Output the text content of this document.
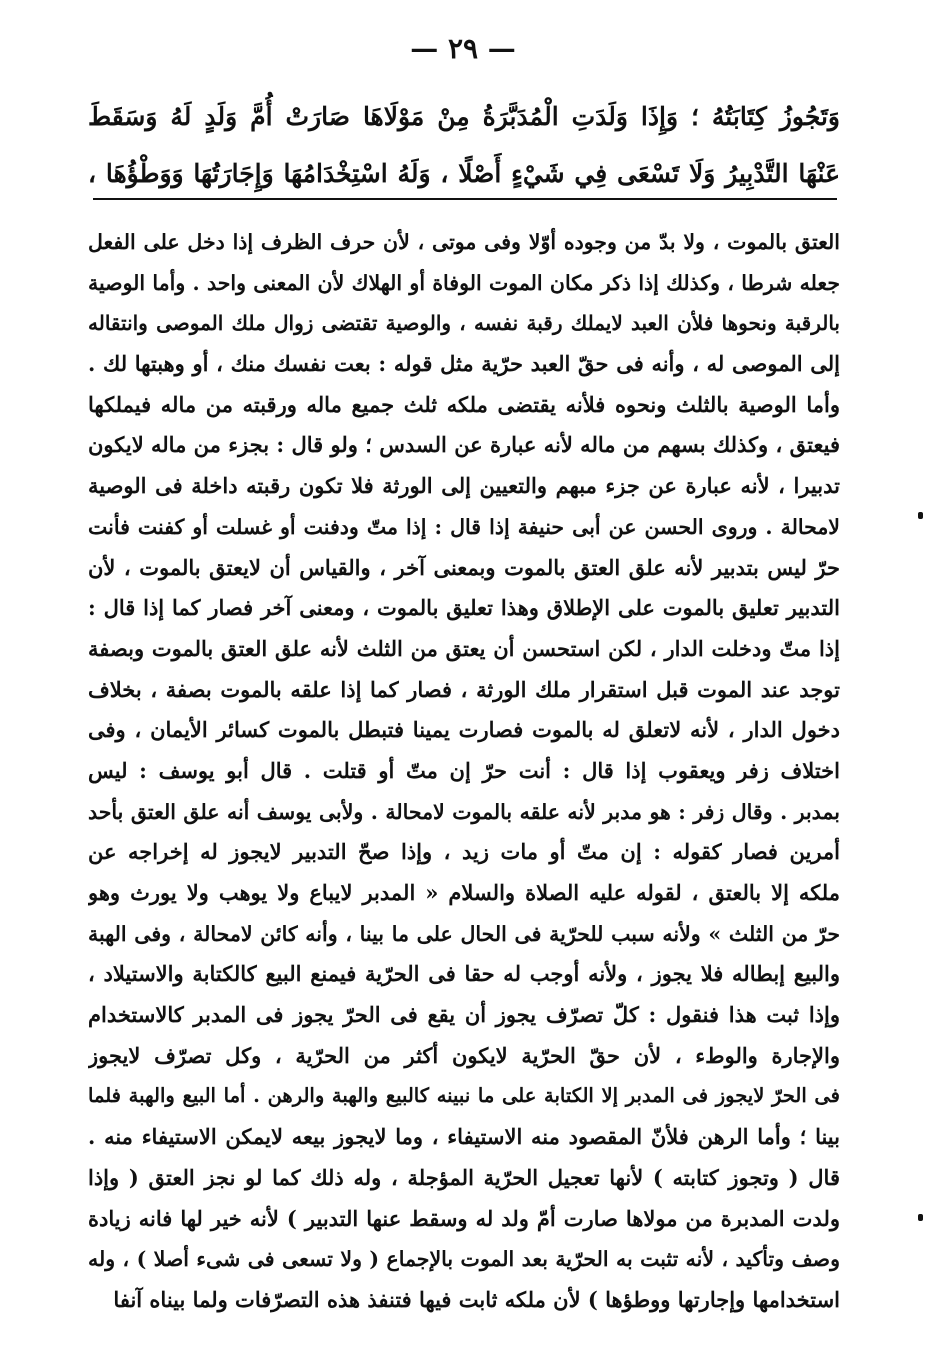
— ٢٩ —
وَتَجُوزُ كِتَابَتُهُ ؛ وَإِذَا وَلَدَتِ الْمُدَبَّرَةُ مِنْ مَوْلَاهَا صَارَتْ أُمَّ وَلَدٍ لَهُ وَسَقَطَ
عَنْهَا التَّدْبِيرُ وَلَا تَسْعَى فِي شَيْءٍ أَصْلًا ، وَلَهُ اسْتِخْدَامُهَا وَإِجَارَتُهَا وَوَطْؤُهَا ،
العتق بالموت ، ولا بدّ من وجوده أوّلا وفى موتى ، لأن حرف الظرف إذا دخل على الفعل
جعله شرطا ، وكذلك إذا ذكر مكان الموت الوفاة أو الهلاك لأن المعنى واحد . وأما الوصية
بالرقبة ونحوها فلأن العبد لايملك رقبة نفسه ، والوصية تقتضى زوال ملك الموصى وانتقاله
إلى الموصى له ، وأنه فى حقّ العبد حرّية مثل قوله : بعت نفسك منك ، أو وهبتها لك .
وأما الوصية بالثلث ونحوه فلأنه يقتضى ملكه ثلث جميع ماله ورقبته من ماله فيملكها
فيعتق ، وكذلك بسهم من ماله لأنه عبارة عن السدس ؛ ولو قال : بجزء من ماله لايكون
تدبيرا ، لأنه عبارة عن جزء مبهم والتعيين إلى الورثة فلا تكون رقبته داخلة فى الوصية
لامحالة . وروى الحسن عن أبى حنيفة إذا قال : إذا متّ ودفنت أو غسلت أو كفنت فأنت
حرّ ليس بتدبير لأنه علق العتق بالموت وبمعنى آخر ، والقياس أن لايعتق بالموت ، لأن
التدبير تعليق بالموت على الإطلاق وهذا تعليق بالموت ، ومعنى آخر فصار كما إذا قال :
إذا متّ ودخلت الدار ، لكن استحسن أن يعتق من الثلث لأنه علق العتق بالموت وبصفة
توجد عند الموت قبل استقرار ملك الورثة ، فصار كما إذا علقه بالموت بصفة ، بخلاف
دخول الدار ، لأنه لاتعلق له بالموت فصارت يمينا فتبطل بالموت كسائر الأيمان ، وفى
اختلاف زفر ويعقوب إذا قال : أنت حرّ إن متّ أو قتلت . قال أبو يوسف : ليس
بمدبر . وقال زفر : هو مدبر لأنه علقه بالموت لامحالة . ولأبى يوسف أنه علق العتق بأحد
أمرين فصار كقوله : إن متّ أو مات زيد ، وإذا صحّ التدبير لايجوز له إخراجه عن
ملكه إلا بالعتق ، لقوله عليه الصلاة والسلام « المدبر لايباع ولا يوهب ولا يورث وهو
حرّ من الثلث » ولأنه سبب للحرّية فى الحال على ما بينا ، وأنه كائن لامحالة ، وفى الهبة
والبيع إبطاله فلا يجوز ، ولأنه أوجب له حقا فى الحرّية فيمنع البيع كالكتابة والاستيلاد ،
وإذا ثبت هذا فنقول : كلّ تصرّف يجوز أن يقع فى الحرّ يجوز فى المدبر كالاستخدام
والإجارة والوطء ، لأن حقّ الحرّية لايكون أكثر من الحرّية ، وكل تصرّف لايجوز
فى الحرّ لايجوز فى المدبر إلا الكتابة على ما نبينه كالبيع والهبة والرهن . أما البيع والهبة فلما
بينا ؛ وأما الرهن فلأنّ المقصود منه الاستيفاء ، وما لايجوز بيعه لايمكن الاستيفاء منه .
قال ( وتجوز كتابته ) لأنها تعجيل الحرّية المؤجلة ، وله ذلك كما لو نجز العتق ( وإذا
ولدت المدبرة من مولاها صارت أمّ ولد له وسقط عنها التدبير ) لأنه خير لها فانه زيادة
وصف وتأكيد ، لأنه تثبت به الحرّية بعد الموت بالإجماع ( ولا تسعى فى شىء أصلا ) ، وله
استخدامها وإجارتها ووطؤها ) لأن ملكه ثابت فيها فتنفذ هذه التصرّفات ولما بيناه آنفا
